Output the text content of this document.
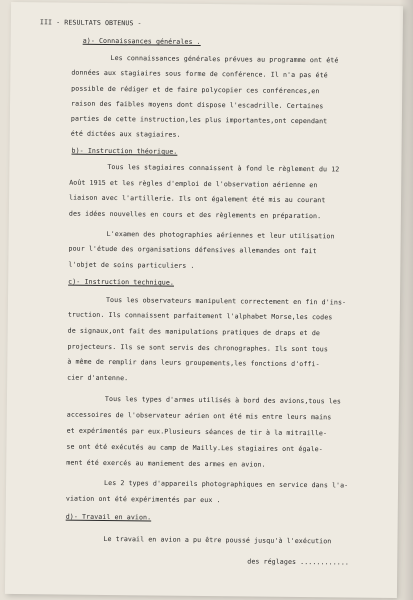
III - RESULTATS OBTENUS -
a)- Connaissances générales .
Les connaissances générales prévues au programme ont été
données aux stagiaires sous forme de conférence. Il n'a pas été
possible de rédiger et de faire polycopier ces conférences,en
raison des faibles moyens dont dispose l'escadrille. Certaines
parties de cette instruction,les plus importantes,ont cependant
été dictées aux stagiaires.
b)- Instruction théorique.
Tous les stagiaires connaissent à fond le règlement du 12
Août 1915 et les règles d'emploi de l'observation aérienne en
liaison avec l'artillerie. Ils ont également été mis au courant
des idées nouvelles en cours et des règlements en préparation.
L'examen des photographies aériennes et leur utilisation
pour l'étude des organisations défensives allemandes ont fait
l'objet de soins particuliers .
c)- Instruction technique.
Tous les observateurs manipulent correctement en fin d'ins-
truction. Ils connaissent parfaitement l'alphabet Morse,les codes
de signaux,ont fait des manipulations pratiques de draps et de
projecteurs. Ils se sont servis des chronographes. Ils sont tous
à même de remplir dans leurs groupements,les fonctions d'offi-
cier d'antenne.
Tous les types d'armes utilisés à bord des avions,tous les
accessoires de l'observateur aérien ont été mis entre leurs mains
et expérimentés par eux.Plusieurs séances de tir à la mitraille-
se ont été exécutés au camp de Mailly.Les stagiaires ont égale-
ment été exercés au maniement des armes en avion.
Les 2 types d'appareils photographiques en service dans l'a-
viation ont été expérimentés par eux .
d)- Travail en avion.
Le travail en avion a pu être poussé jusqu'à l'exécution
des réglages ............
